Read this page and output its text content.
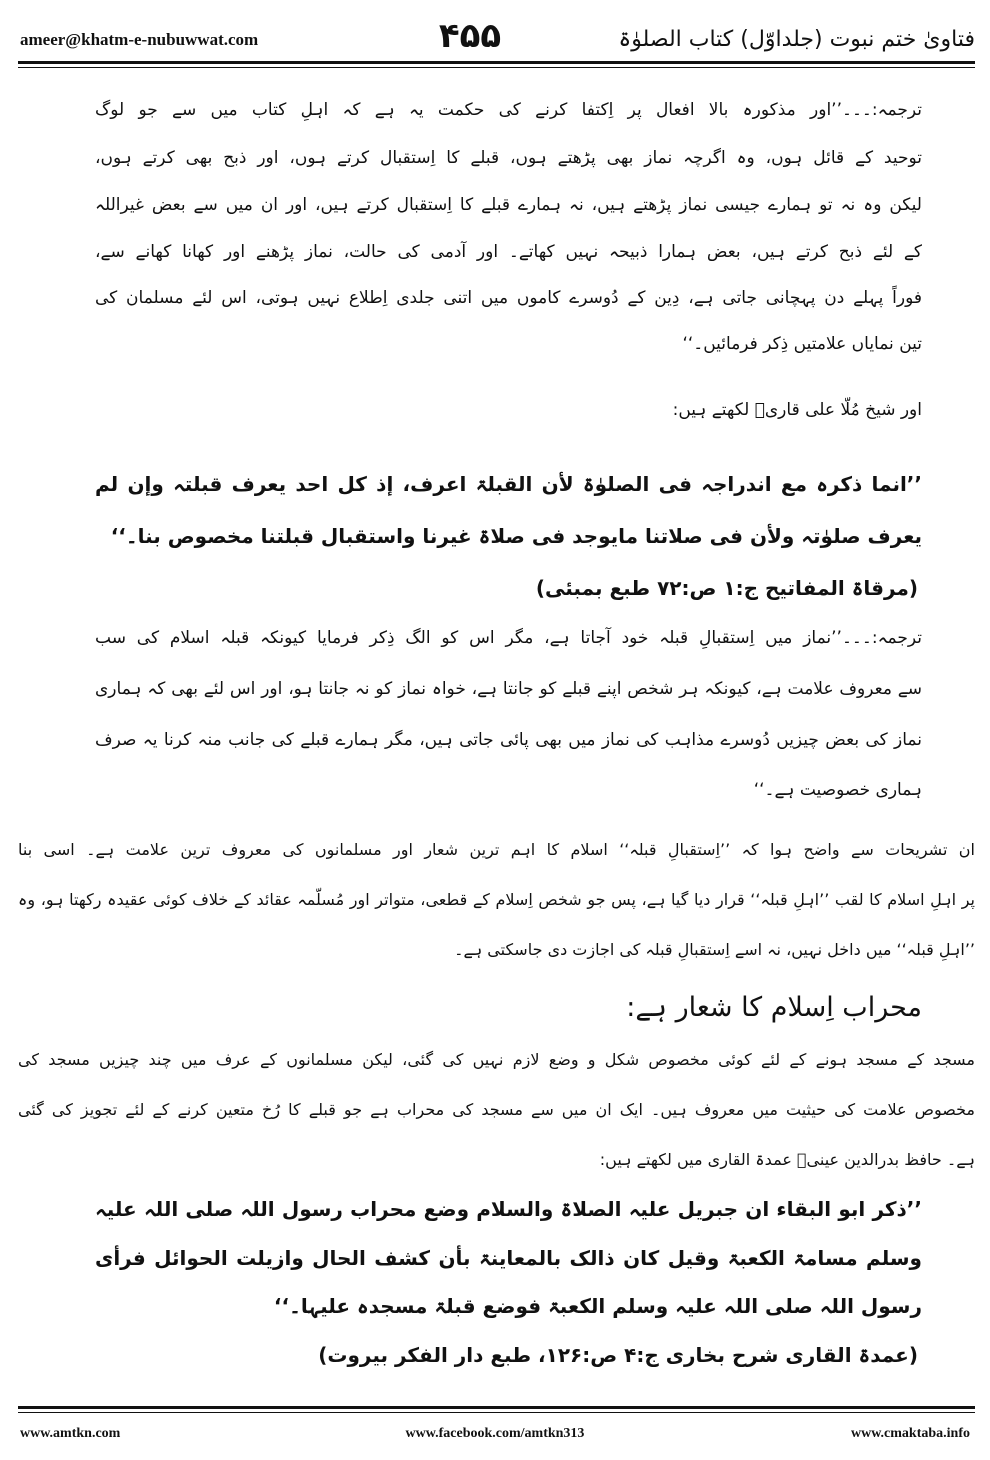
ameer@khatm-e-nubuwwat.com	۴۵۵	فتاویٰ ختم نبوت (جلداوّل) کتاب الصلوٰۃ
ترجمہ:۔۔۔’’اور مذکورہ بالا افعال پر اِکتفا کرنے کی حکمت یہ ہے کہ اہلِ کتاب میں سے جو لوگ
توحید کے قائل ہوں، وہ اگرچہ نماز بھی پڑھتے ہوں، قبلے کا اِستقبال کرتے ہوں، اور ذبح بھی کرتے ہوں،
لیکن وہ نہ تو ہمارے جیسی نماز پڑھتے ہیں، نہ ہمارے قبلے کا اِستقبال کرتے ہیں، اور ان میں سے بعض غیراللہ
کے لئے ذبح کرتے ہیں، بعض ہمارا ذبیحہ نہیں کھاتے۔ اور آدمی کی حالت، نماز پڑھنے اور کھانا کھانے سے،
فوراً پہلے دن پہچانی جاتی ہے، دِین کے دُوسرے کاموں میں اتنی جلدی اِطلاع نہیں ہوتی، اس لئے مسلمان کی
تین نمایاں علامتیں ذِکر فرمائیں۔‘‘
اور شیخ مُلّا علی قاریؒ لکھتے ہیں:
’’انما ذکرہ مع اندراجہ فی الصلوٰۃ لأن القبلۃ اعرف، إذ کل احد یعرف قبلتہ وإن لم
یعرف صلوٰتہ ولأن فی صلاتنا مایوجد فی صلاۃ غیرنا واستقبال قبلتنا مخصوص بنا۔‘‘
(مرقاۃ المفاتیح ج:۱ ص:۷۲ طبع بمبئی)
ترجمہ:۔۔۔’’نماز میں اِستقبالِ قبلہ خود آجاتا ہے، مگر اس کو الگ ذِکر فرمایا کیونکہ قبلہ اسلام کی سب
سے معروف علامت ہے، کیونکہ ہر شخص اپنے قبلے کو جانتا ہے، خواہ نماز کو نہ جانتا ہو، اور اس لئے بھی کہ ہماری
نماز کی بعض چیزیں دُوسرے مذاہب کی نماز میں بھی پائی جاتی ہیں، مگر ہمارے قبلے کی جانب منہ کرنا یہ صرف
ہماری خصوصیت ہے۔‘‘
ان تشریحات سے واضح ہوا کہ ’’اِستقبالِ قبلہ‘‘ اسلام کا اہم ترین شعار اور مسلمانوں کی معروف ترین علامت ہے۔ اسی بنا
پر اہلِ اسلام کا لقب ’’اہلِ قبلہ‘‘ قرار دیا گیا ہے، پس جو شخص اِسلام کے قطعی، متواتر اور مُسلّمہ عقائد کے خلاف کوئی عقیدہ رکھتا ہو، وہ
’’اہلِ قبلہ‘‘ میں داخل نہیں، نہ اسے اِستقبالِ قبلہ کی اجازت دی جاسکتی ہے۔
محراب اِسلام کا شعار ہے:
مسجد کے مسجد ہونے کے لئے کوئی مخصوص شکل و وضع لازم نہیں کی گئی، لیکن مسلمانوں کے عرف میں چند چیزیں مسجد کی
مخصوص علامت کی حیثیت میں معروف ہیں۔ ایک ان میں سے مسجد کی محراب ہے جو قبلے کا رُخ متعین کرنے کے لئے تجویز کی گئی
ہے۔ حافظ بدرالدین عینیؒ عمدۃ القاری میں لکھتے ہیں:
’’ذکر ابو البقاء ان جبریل علیہ الصلاۃ والسلام وضع محراب رسول اللہ صلی اللہ علیہ
وسلم مسامۃ الکعبۃ وقیل کان ذالک بالمعاینۃ بأن کشف الحال وازیلت الحوائل فرأی
رسول اللہ صلی اللہ علیہ وسلم الکعبۃ فوضع قبلۃ مسجدہ علیہا۔‘‘
(عمدۃ القاری شرح بخاری ج:۴ ص:۱۲۶، طبع دار الفکر بیروت)
www.amtkn.com	www.facebook.com/amtkn313	www.cmaktaba.info
